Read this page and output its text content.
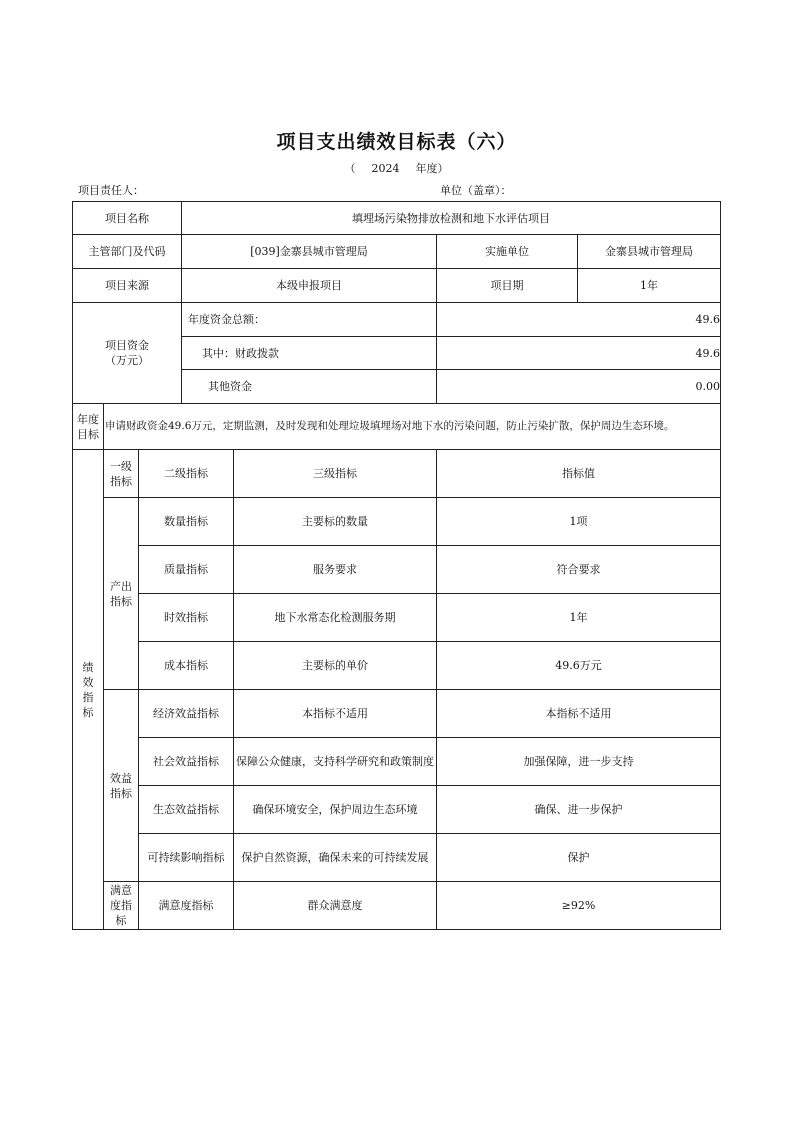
项目支出绩效目标表（六）
（ 2024 年度）
项目责任人：	单位（盖章）：
项目名称			填埋场污染物排放检测和地下水评估项目			
主管部门及代码			[039]金寨县城市管理局		实施单位	金寨县城市管理局
项目来源			本级申报项目		项目期	1年

项目资金
（万元）			年度资金总额：		49.6	
			其中：财政拨款		49.6	
			其他资金		0.00	

年度
目标	申请财政资金49.6万元，定期监测，及时发现和处理垃圾填埋场对地下水的污染问题，防止污染扩散，保护周边生态环境。					
绩效指标	一级指标	二级指标		三级指标	指标值	
	产出指标	数量指标		主要标的数量	1项	
		质量指标		服务要求	符合要求	
		时效指标		地下水常态化检测服务期	1年	
		成本指标		主要标的单价	49.6万元	
	效益指标	经济效益指标		本指标不适用	本指标不适用	
		社会效益指标		保障公众健康，支持科学研究和政策制度	加强保障，进一步支持	
		生态效益指标		确保环境安全，保护周边生态环境	确保、进一步保护	
		可持续影响指标		保护自然资源，确保未来的可持续发展	保护	
	满意度指标	满意度指标		群众满意度	≥92%	
